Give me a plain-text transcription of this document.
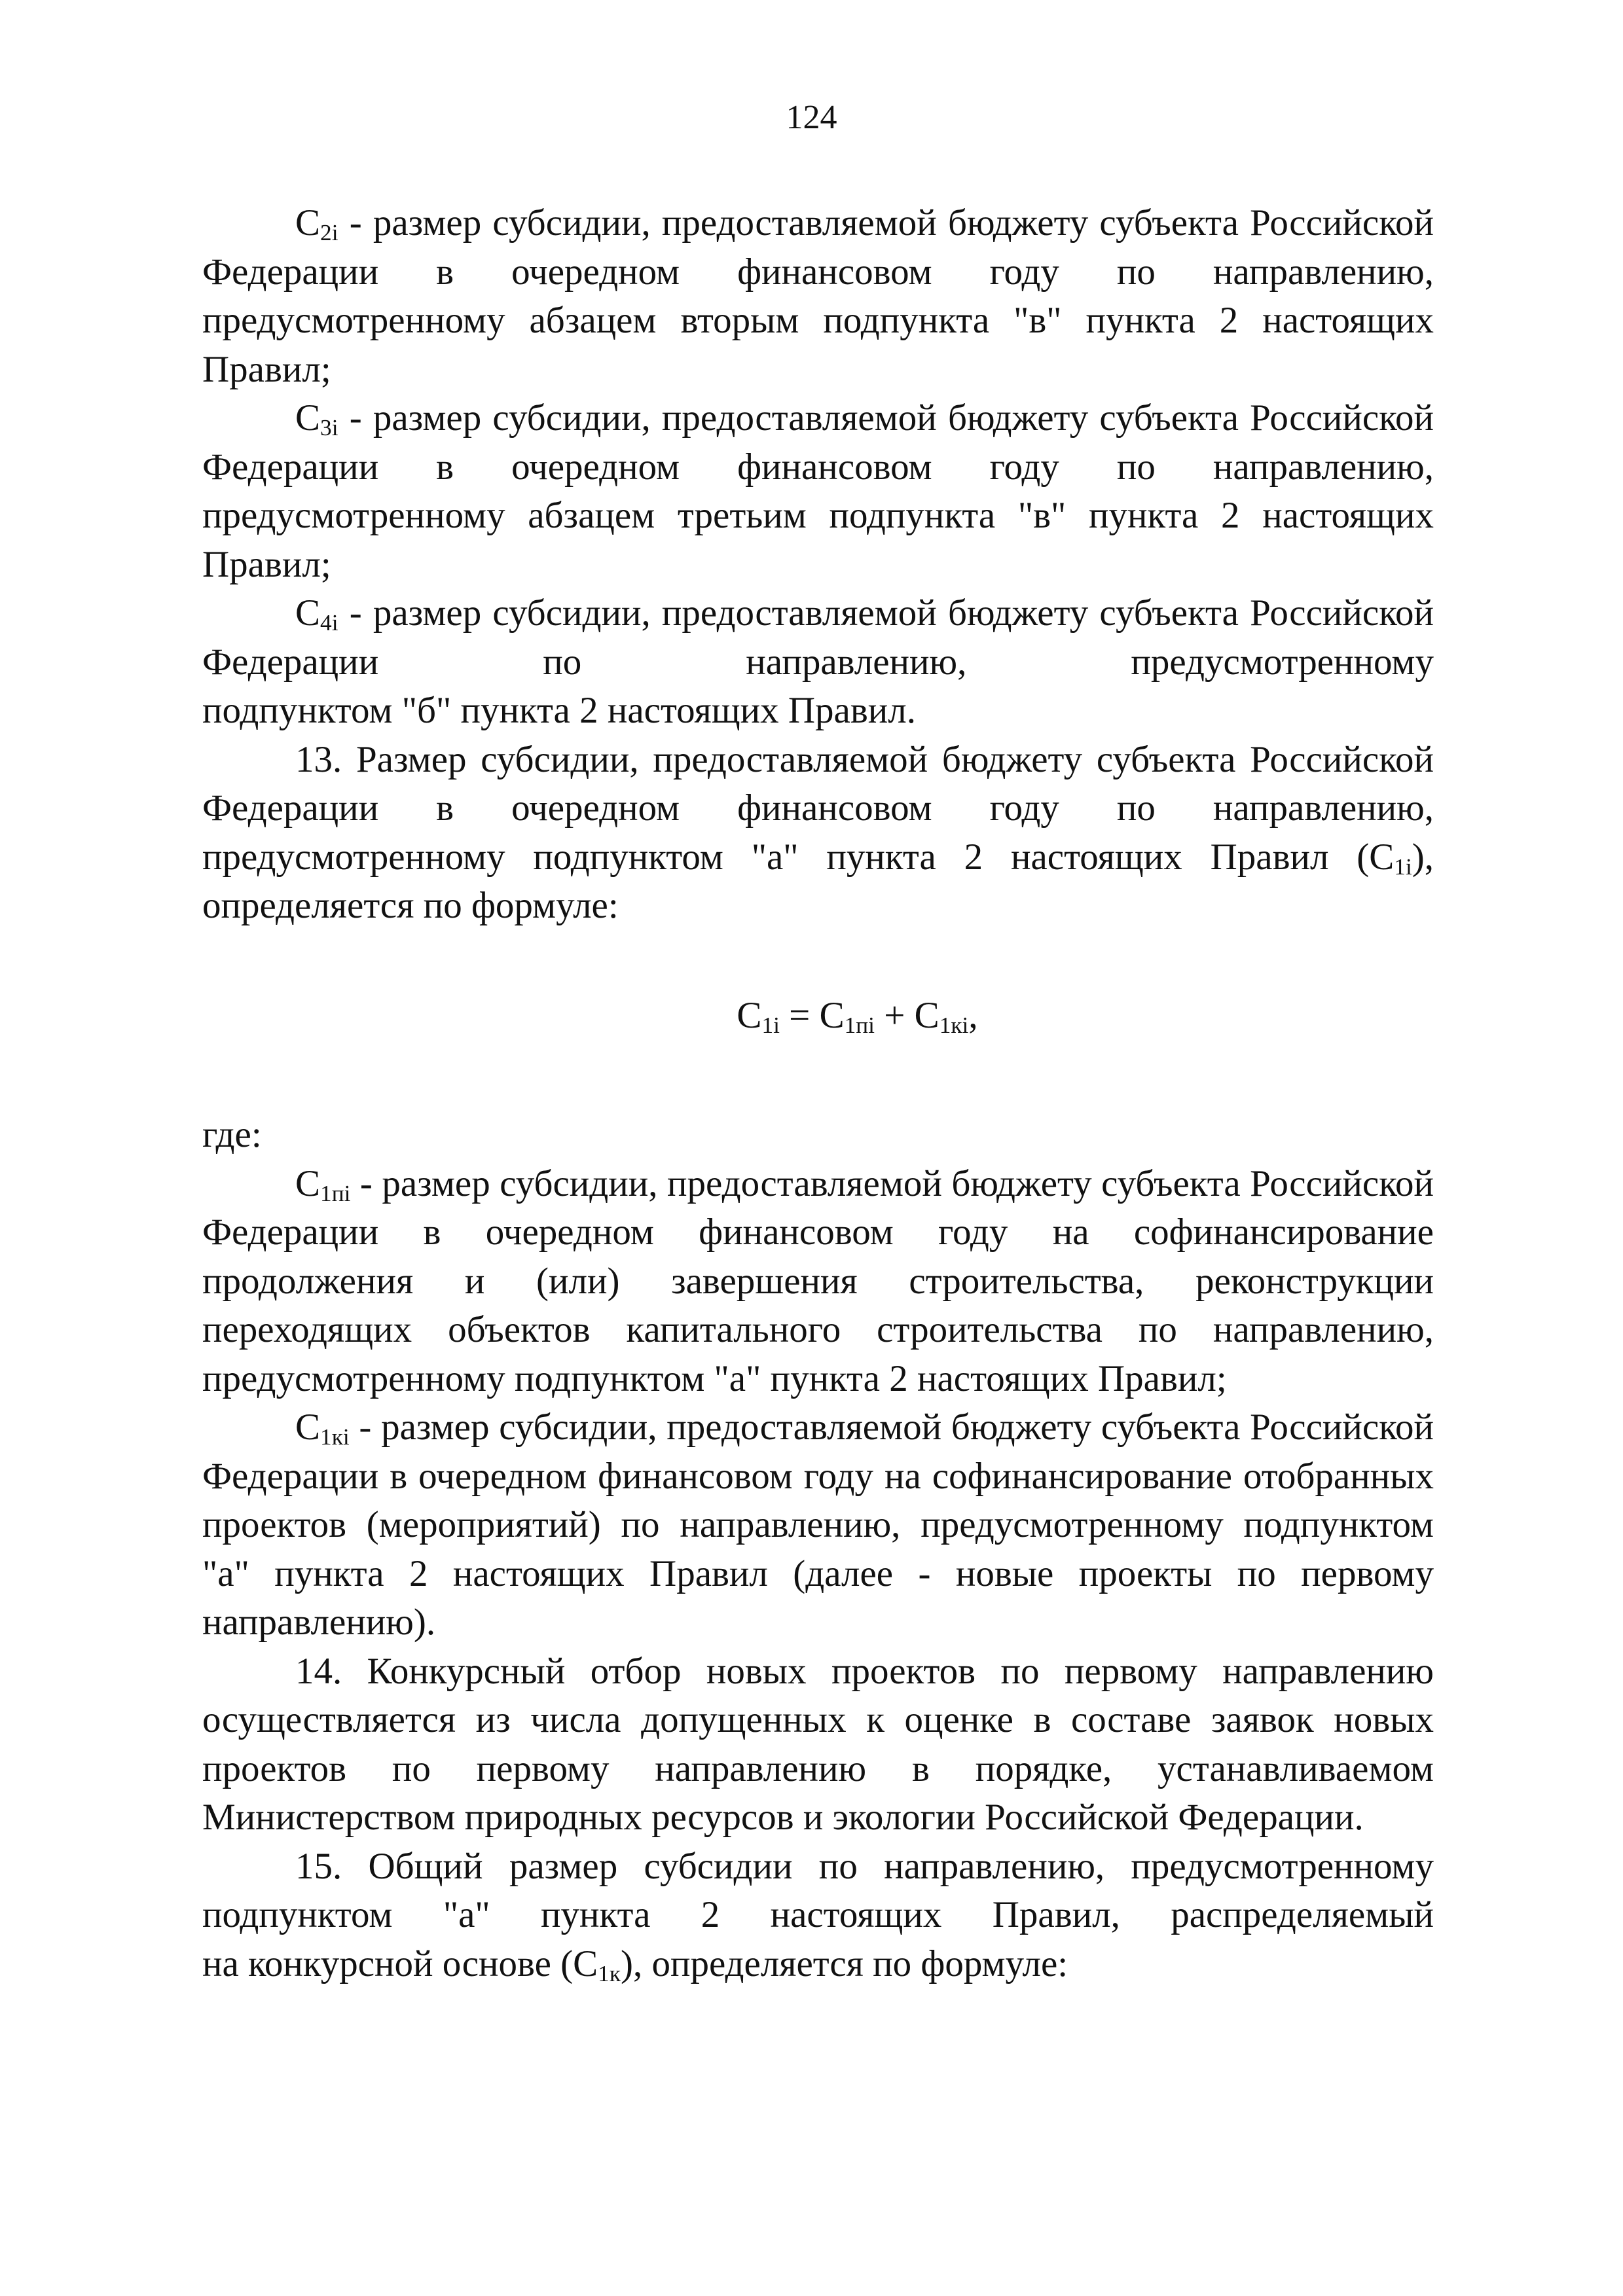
124

$C_{2i}$ - размер субсидии, предоставляемой бюджету субъекта Российской Федерации в очередном финансовом году по направлению, предусмотренному абзацем вторым подпункта "в" пункта 2 настоящих Правил;

$C_{3i}$ - размер субсидии, предоставляемой бюджету субъекта Российской Федерации в очередном финансовом году по направлению, предусмотренному абзацем третьим подпункта "в" пункта 2 настоящих Правил;

$C_{4i}$ - размер субсидии, предоставляемой бюджету субъекта Российской Федерации по направлению, предусмотренному

подпунктом "б" пункта 2 настоящих Правил.

13. Размер субсидии, предоставляемой бюджету субъекта Российской Федерации в очередном финансовом году по направлению, предусмотренному подпунктом "а" пункта 2 настоящих Правил $(C_{1i})$, определяется по формуле:

$C_{1i} = C_{1пi} + C_{1кi}$,

где:

$C_{1пi}$ - размер субсидии, предоставляемой бюджету субъекта Российской Федерации в очередном финансовом году на софинансирование продолжения и (или) завершения строительства, реконструкции переходящих объектов капитального строительства по направлению, предусмотренному подпунктом "а" пункта 2 настоящих Правил;

$C_{1кi}$ - размер субсидии, предоставляемой бюджету субъекта Российской Федерации в очередном финансовом году на софинансирование отобранных проектов (мероприятий) по направлению, предусмотренному подпунктом "а" пункта 2 настоящих Правил (далее - новые проекты по первому направлению).

14. Конкурсный отбор новых проектов по первому направлению осуществляется из числа допущенных к оценке в составе заявок новых проектов по первому направлению в порядке, устанавливаемом Министерством природных ресурсов и экологии Российской Федерации.

15. Общий размер субсидии по направлению, предусмотренному подпунктом "а" пункта 2 настоящих Правил, распределяемый

на конкурсной основе $(C_{1к})$, определяется по формуле:
